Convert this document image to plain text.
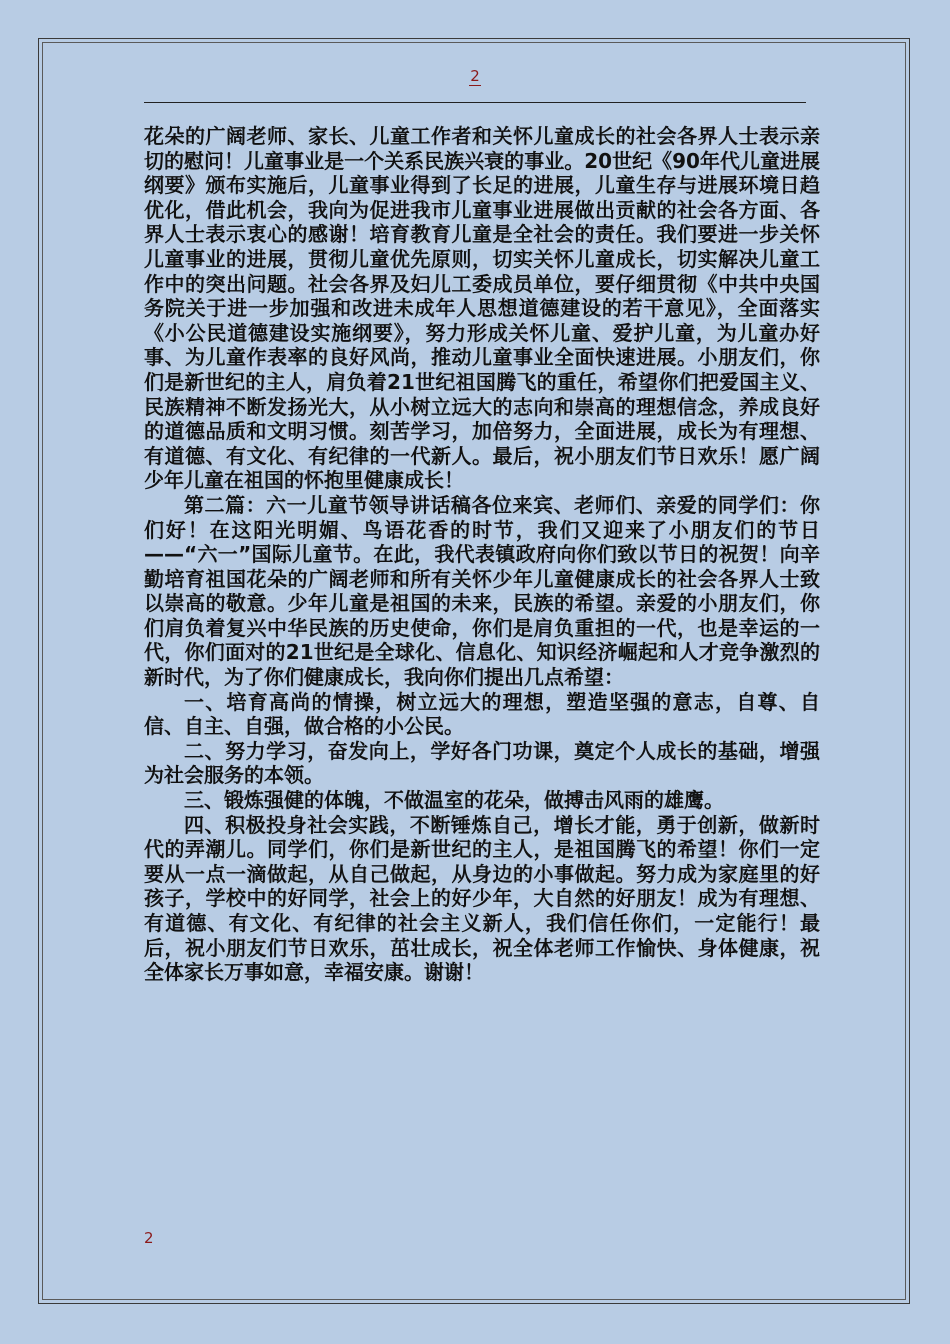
2

花朵的广阔老师、家长、儿童工作者和关怀儿童成长的社会各界人士表示亲切的慰问！儿童事业是一个关系民族兴衰的事业。20世纪《90年代儿童进展纲要》颁布实施后，儿童事业得到了长足的进展，儿童生存与进展环境日趋优化，借此机会，我向为促进我市儿童事业进展做出贡献的社会各方面、各界人士表示衷心的感谢！培育教育儿童是全社会的责任。我们要进一步关怀儿童事业的进展，贯彻儿童优先原则，切实关怀儿童成长，切实解决儿童工作中的突出问题。社会各界及妇儿工委成员单位，要仔细贯彻《中共中央国务院关于进一步加强和改进未成年人思想道德建设的若干意见》，全面落实《小公民道德建设实施纲要》，努力形成关怀儿童、爱护儿童，为儿童办好事、为儿童作表率的良好风尚，推动儿童事业全面快速进展。小朋友们，你们是新世纪的主人，肩负着21世纪祖国腾飞的重任，希望你们把爱国主义、民族精神不断发扬光大，从小树立远大的志向和崇高的理想信念，养成良好的道德品质和文明习惯。刻苦学习，加倍努力，全面进展，成长为有理想、有道德、有文化、有纪律的一代新人。最后，祝小朋友们节日欢乐！愿广阔少年儿童在祖国的怀抱里健康成长！

第二篇：六一儿童节领导讲话稿各位来宾、老师们、亲爱的同学们：你们好！在这阳光明媚、鸟语花香的时节，我们又迎来了小朋友们的节日——“六一”国际儿童节。在此，我代表镇政府向你们致以节日的祝贺！向辛勤培育祖国花朵的广阔老师和所有关怀少年儿童健康成长的社会各界人士致以崇高的敬意。少年儿童是祖国的未来，民族的希望。亲爱的小朋友们，你们肩负着复兴中华民族的历史使命，你们是肩负重担的一代，也是幸运的一代，你们面对的21世纪是全球化、信息化、知识经济崛起和人才竞争激烈的新时代，为了你们健康成长，我向你们提出几点希望：

一、培育高尚的情操，树立远大的理想，塑造坚强的意志，自尊、自信、自主、自强，做合格的小公民。

二、努力学习，奋发向上，学好各门功课，奠定个人成长的基础，增强为社会服务的本领。

三、锻炼强健的体魄，不做温室的花朵，做搏击风雨的雄鹰。

四、积极投身社会实践，不断锤炼自己，增长才能，勇于创新，做新时代的弄潮儿。同学们，你们是新世纪的主人，是祖国腾飞的希望！你们一定要从一点一滴做起，从自己做起，从身边的小事做起。努力成为家庭里的好孩子，学校中的好同学，社会上的好少年，大自然的好朋友！成为有理想、有道德、有文化、有纪律的社会主义新人，我们信任你们，一定能行！最后，祝小朋友们节日欢乐，茁壮成长，祝全体老师工作愉快、身体健康，祝全体家长万事如意，幸福安康。谢谢！

2
